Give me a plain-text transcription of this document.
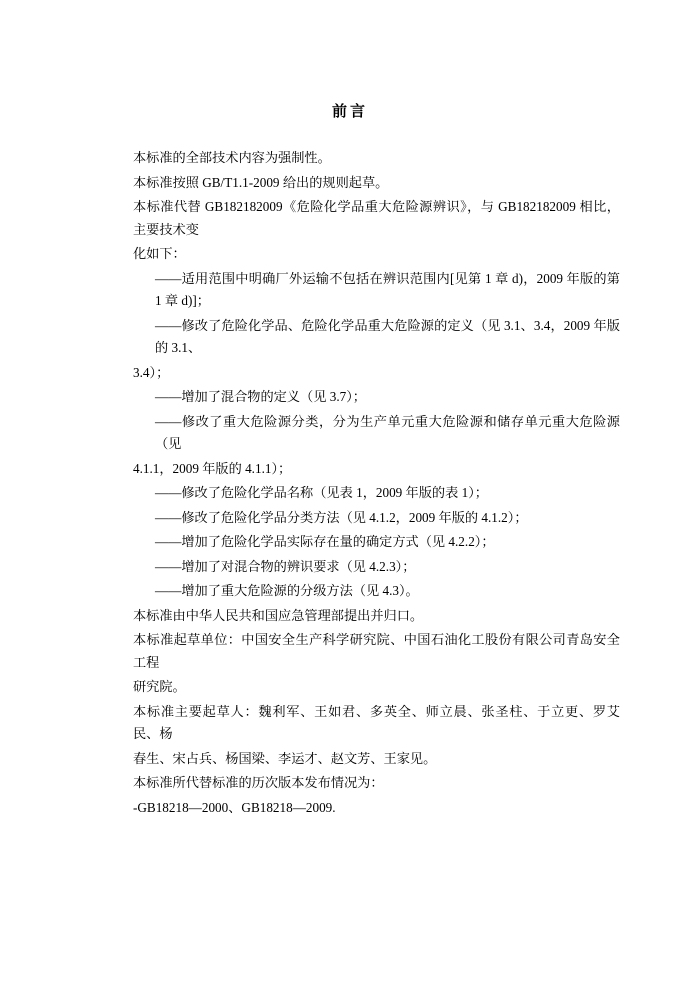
前言

本标准的全部技术内容为强制性。

本标准按照 GB/T1.1-2009 给出的规则起草。

本标准代替 GB182182009《危险化学品重大危险源辨识》，与 GB182182009 相比，主要技术变

化如下：

——适用范围中明确厂外运输不包括在辨识范围内[见第 1 章 d)，2009 年版的第 1 章 d)]；

——修改了危险化学品、危险化学品重大危险源的定义（见 3.1、3.4，2009 年版的 3.1、

3.4）；

——增加了混合物的定义（见 3.7）；

——修改了重大危险源分类，分为生产单元重大危险源和储存单元重大危险源（见

4.1.1，2009 年版的 4.1.1）；

——修改了危险化学品名称（见表 1，2009 年版的表 1）；

——修改了危险化学品分类方法（见 4.1.2，2009 年版的 4.1.2）；

——增加了危险化学品实际存在量的确定方式（见 4.2.2）；

——增加了对混合物的辨识要求（见 4.2.3）；

——增加了重大危险源的分级方法（见 4.3）。

本标准由中华人民共和国应急管理部提出并归口。

本标准起草单位：中国安全生产科学研究院、中国石油化工股份有限公司青岛安全工程

研究院。

本标准主要起草人：魏利军、王如君、多英全、师立晨、张圣柱、于立更、罗艾民、杨

春生、宋占兵、杨国梁、李运才、赵文芳、王家见。

本标准所代替标准的历次版本发布情况为：

-GB18218—2000、GB18218—2009.
